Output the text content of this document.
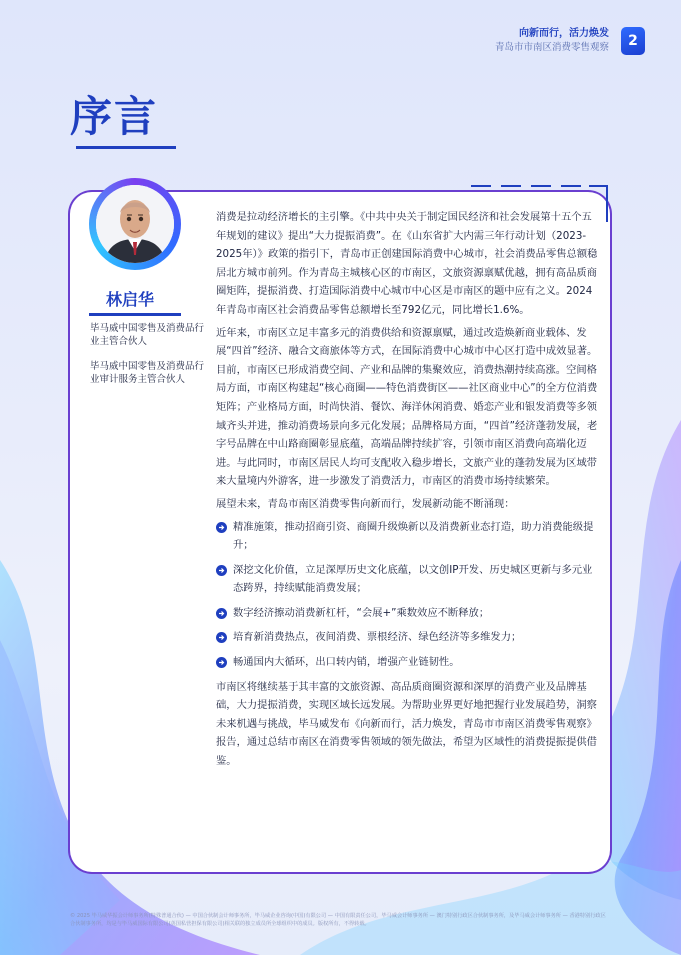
向新而行，活力焕发
青岛市市南区消费零售观察	2
序言
林启华
毕马威中国零售及消费品行业主管合伙人
毕马威中国零售及消费品行业审计服务主管合伙人

消费是拉动经济增长的主引擎。《中共中央关于制定国民经济和社会发展第十五个五年规划的建议》提出“大力提振消费”。在《山东省扩大内需三年行动计划（2023-2025年）》政策的指引下，青岛市正创建国际消费中心城市，社会消费品零售总额稳居北方城市前列。作为青岛主城核心区的市南区，文旅资源禀赋优越，拥有高品质商圈矩阵，提振消费、打造国际消费中心城市中心区是市南区的题中应有之义。2024年青岛市南区社会消费品零售总额增长至792亿元，同比增长1.6%。

近年来，市南区立足丰富多元的消费供给和资源禀赋，通过改造焕新商业载体、发展“四首”经济、融合文商旅体等方式，在国际消费中心城市中心区打造中成效显著。目前，市南区已形成消费空间、产业和品牌的集聚效应，消费热潮持续高涨。空间格局方面，市南区构建起“核心商圈——特色消费街区——社区商业中心”的全方位消费矩阵；产业格局方面，时尚快消、餐饮、海洋休闲消费、婚恋产业和银发消费等多领域齐头并进，推动消费场景向多元化发展；品牌格局方面，“四首”经济蓬勃发展，老字号品牌在中山路商圈彰显底蕴，高端品牌持续扩容，引领市南区消费向高端化迈进。与此同时，市南区居民人均可支配收入稳步增长，文旅产业的蓬勃发展为区域带来大量境内外游客，进一步激发了消费活力，市南区的消费市场持续繁荣。

展望未来，青岛市南区消费零售向新而行，发展新动能不断涌现：

精准施策，推动招商引资、商圈升级焕新以及消费新业态打造，助力消费能级提升；
深挖文化价值，立足深厚历史文化底蕴，以文创IP开发、历史城区更新与多元业态跨界，持续赋能消费发展；
数字经济擦动消费新杠杆，“会展+”乘数效应不断释放；
培育新消费热点，夜间消费、票根经济、绿色经济等多维发力；
畅通国内大循环，出口转内销，增强产业链韧性。

市南区将继续基于其丰富的文旅资源、高品质商圈资源和深厚的消费产业及品牌基础，大力提振消费，实现区域长远发展。为帮助业界更好地把握行业发展趋势，洞察未来机遇与挑战，毕马威发布《向新而行，活力焕发，青岛市市南区消费零售观察》报告，通过总结市南区在消费零售领域的领先做法，希望为区域性的消费提振提供借鉴。

© 2025 毕马威华振会计师事务所(特殊普通合伙) — 中国合伙制会计师事务所，毕马威企业咨询(中国)有限公司 — 中国有限责任公司，毕马威会计师事务所 — 澳门特别行政区合伙制事务所，及毕马威会计师事务所 — 香港特别行政区合伙制事务所，均是与毕马威国际有限公司(英国私营担保有限公司)相关联的独立成员所全球组织中的成员。版权所有，不得转载。
